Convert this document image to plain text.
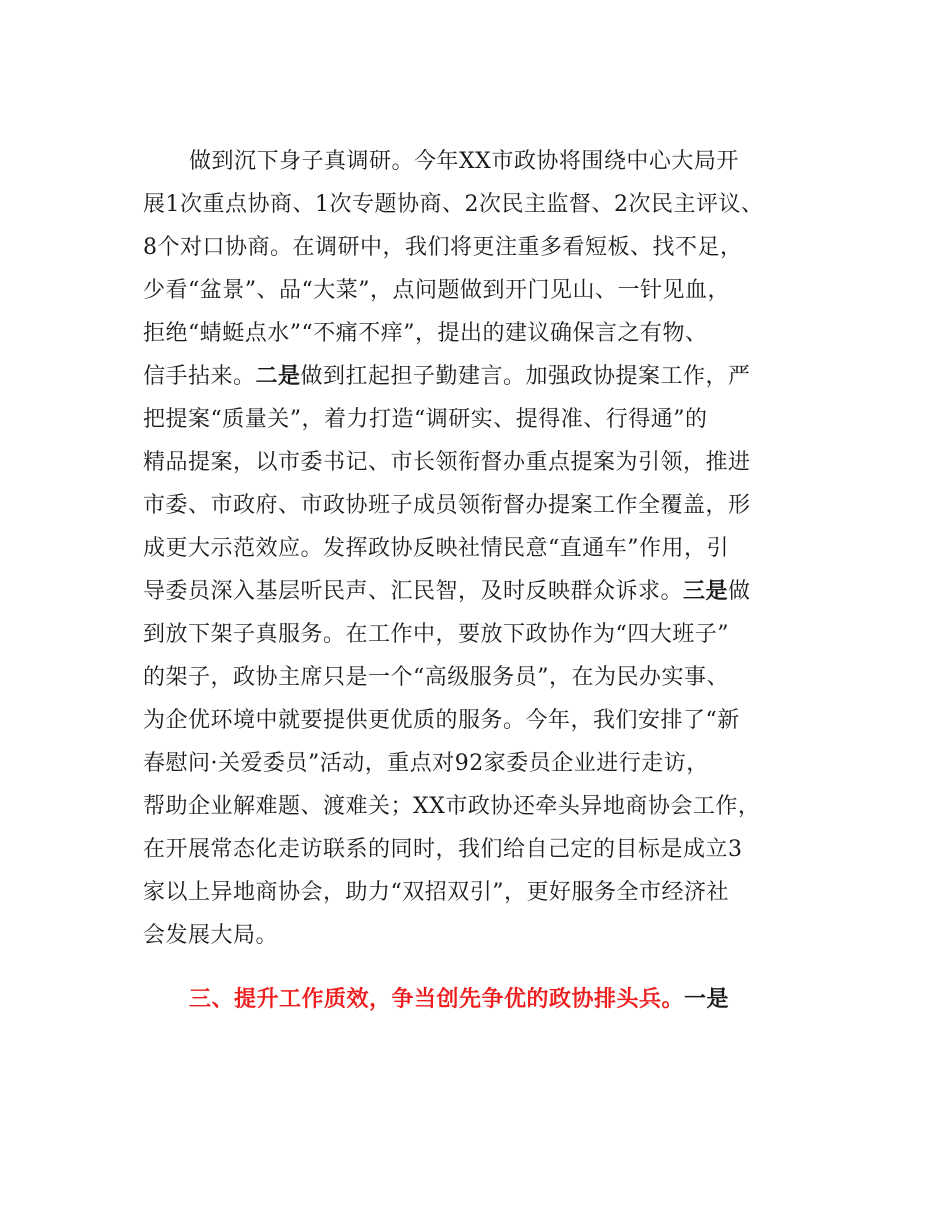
做到沉下身子真调研。今年XX市政协将围绕中心大局开
展1次重点协商、1次专题协商、2次民主监督、2次民主评议、
8个对口协商。在调研中，我们将更注重多看短板、找不足，
少看“盆景”、品“大菜”，点问题做到开门见山、一针见血，
拒绝“蜻蜓点水”“不痛不痒”，提出的建议确保言之有物、
信手拈来。二是做到扛起担子勤建言。加强政协提案工作，严
把提案“质量关”，着力打造“调研实、提得准、行得通”的
精品提案，以市委书记、市长领衔督办重点提案为引领，推进
市委、市政府、市政协班子成员领衔督办提案工作全覆盖，形
成更大示范效应。发挥政协反映社情民意“直通车”作用，引
导委员深入基层听民声、汇民智，及时反映群众诉求。三是做
到放下架子真服务。在工作中，要放下政协作为“四大班子”
的架子，政协主席只是一个“高级服务员”，在为民办实事、
为企优环境中就要提供更优质的服务。今年，我们安排了“新
春慰问·关爱委员”活动，重点对92家委员企业进行走访，
帮助企业解难题、渡难关；XX市政协还牵头异地商协会工作，
在开展常态化走访联系的同时，我们给自己定的目标是成立3
家以上异地商协会，助力“双招双引”，更好服务全市经济社
会发展大局。
三、提升工作质效，争当创先争优的政协排头兵。一是
